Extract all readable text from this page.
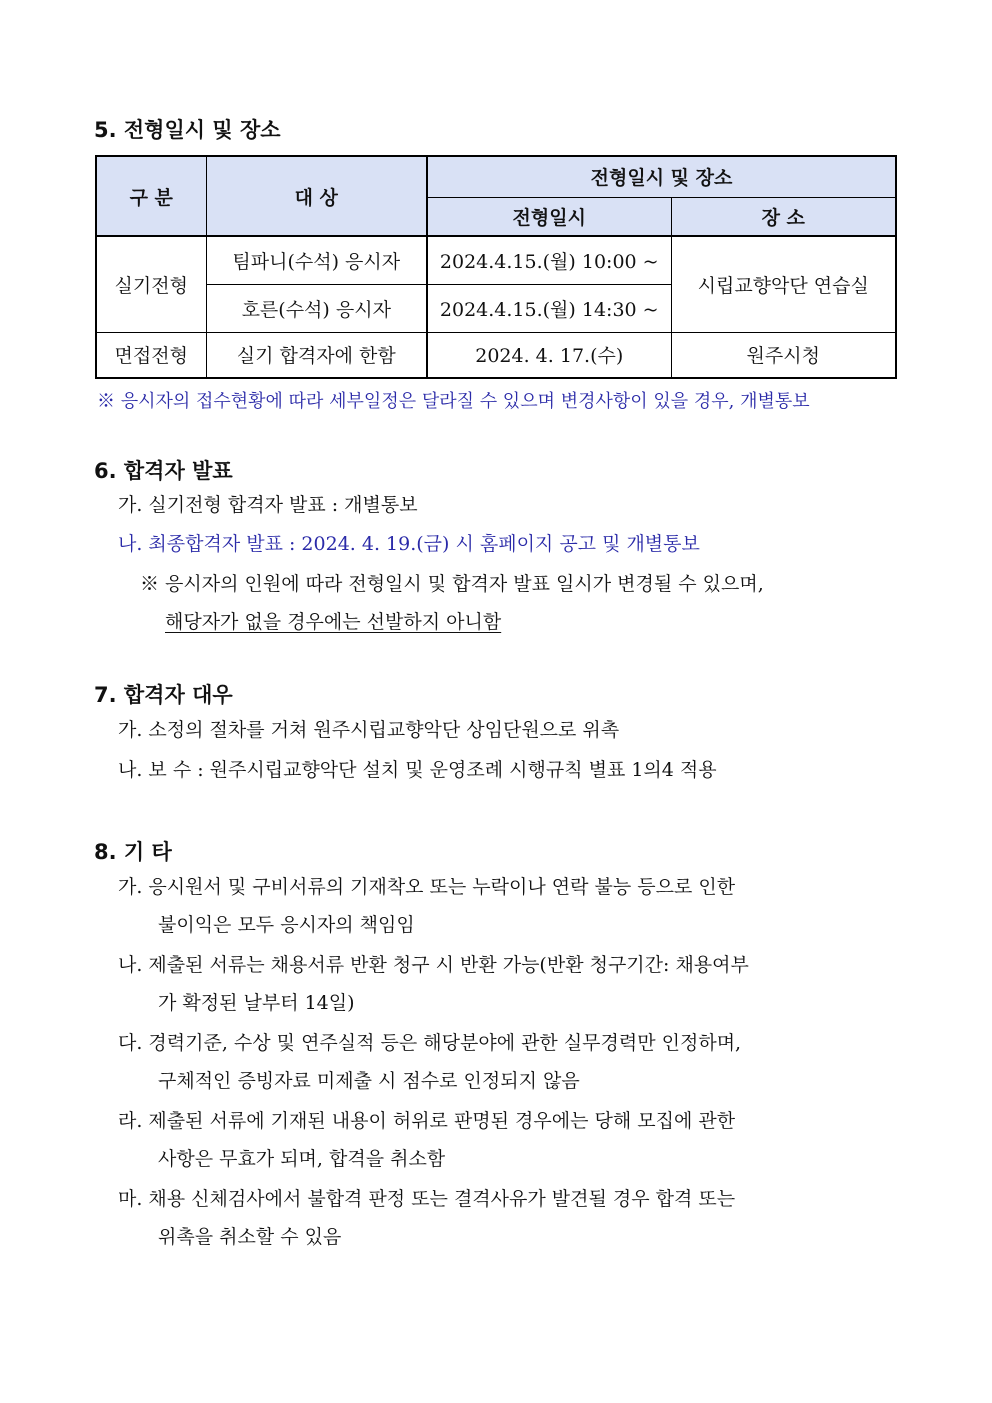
5. 전형일시 및 장소
구 분	대 상	전형일시 및 장소	
		전형일시	장 소
실기전형	팀파니(수석) 응시자	2024.4.15.(월) 10:00 ~	시립교향악단 연습실
	호른(수석) 응시자	2024.4.15.(월) 14:30 ~	
면접전형	실기 합격자에 한함	2024. 4. 17.(수)	원주시청

※ 응시자의 접수현황에 따라 세부일정은 달라질 수 있으며 변경사항이 있을 경우, 개별통보

6. 합격자 발표

가. 실기전형 합격자 발표 : 개별통보

나. 최종합격자 발표 : 2024. 4. 19.(금) 시 홈페이지 공고 및 개별통보

※ 응시자의 인원에 따라 전형일시 및 합격자 발표 일시가 변경될 수 있으며,

해당자가 없을 경우에는 선발하지 아니함

7. 합격자 대우

가. 소정의 절차를 거쳐 원주시립교향악단 상임단원으로 위촉

나. 보 수 : 원주시립교향악단 설치 및 운영조례 시행규칙 별표 1의4 적용

8. 기 타

가. 응시원서 및 구비서류의 기재착오 또는 누락이나 연락 불능 등으로 인한

불이익은 모두 응시자의 책임임

나. 제출된 서류는 채용서류 반환 청구 시 반환 가능(반환 청구기간: 채용여부

가 확정된 날부터 14일)

다. 경력기준, 수상 및 연주실적 등은 해당분야에 관한 실무경력만 인정하며,

구체적인 증빙자료 미제출 시 점수로 인정되지 않음

라. 제출된 서류에 기재된 내용이 허위로 판명된 경우에는 당해 모집에 관한

사항은 무효가 되며, 합격을 취소함

마. 채용 신체검사에서 불합격 판정 또는 결격사유가 발견될 경우 합격 또는

위촉을 취소할 수 있음
